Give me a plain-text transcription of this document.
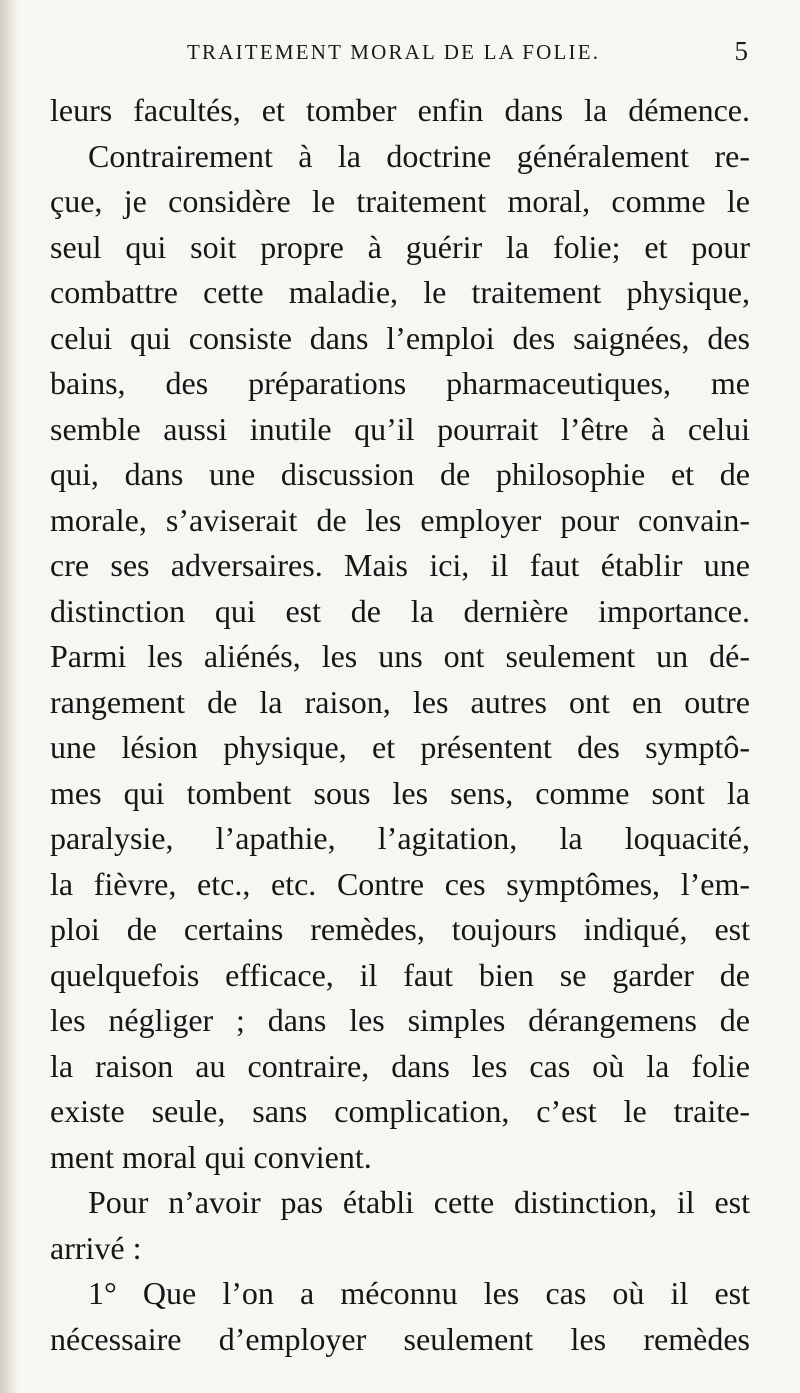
TRAITEMENT MORAL DE LA FOLIE.	5
leurs facultés, et tomber enfin dans la démence.
Contrairement à la doctrine généralement re-
çue, je considère le traitement moral, comme le
seul qui soit propre à guérir la folie; et pour
combattre cette maladie, le traitement physique,
celui qui consiste dans l’emploi des saignées, des
bains, des préparations pharmaceutiques, me
semble aussi inutile qu’il pourrait l’être à celui
qui, dans une discussion de philosophie et de
morale, s’aviserait de les employer pour convain-
cre ses adversaires. Mais ici, il faut établir une
distinction qui est de la dernière importance.
Parmi les aliénés, les uns ont seulement un dé-
rangement de la raison, les autres ont en outre
une lésion physique, et présentent des symptô-
mes qui tombent sous les sens, comme sont la
paralysie, l’apathie, l’agitation, la loquacité,
la fièvre, etc., etc. Contre ces symptômes, l’em-
ploi de certains remèdes, toujours indiqué, est
quelquefois efficace, il faut bien se garder de
les négliger ; dans les simples dérangemens de
la raison au contraire, dans les cas où la folie
existe seule, sans complication, c’est le traite-
ment moral qui convient.
Pour n’avoir pas établi cette distinction, il est
arrivé :
1° Que l’on a méconnu les cas où il est
nécessaire d’employer seulement les remèdes
